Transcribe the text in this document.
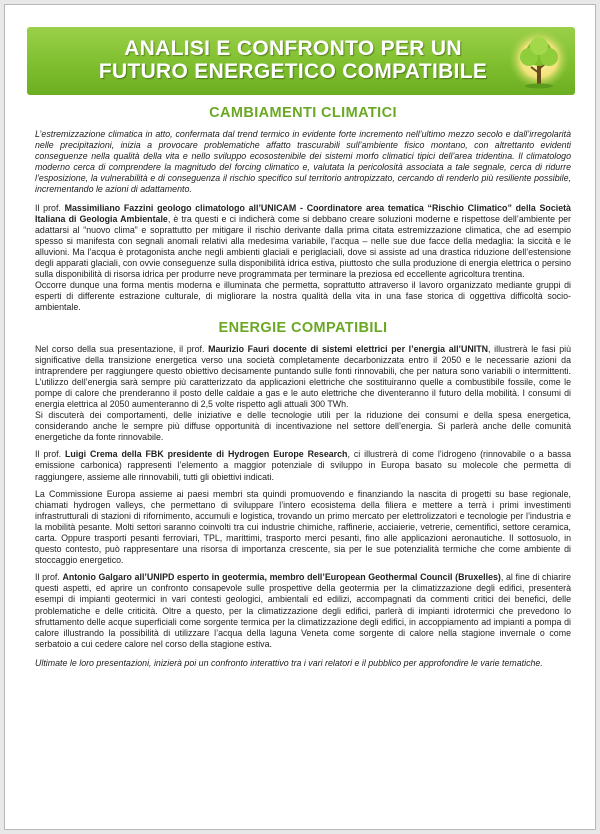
ANALISI E CONFRONTO PER UN
FUTURO ENERGETICO COMPATIBILE
CAMBIAMENTI CLIMATICI

L’estremizzazione climatica in atto, confermata dal trend termico in evidente forte incremento nell’ultimo mezzo secolo e dall’irregolarità nelle precipitazioni, inizia a provocare problematiche affatto trascurabili sull’ambiente fisico montano, con altrettanto evidenti conseguenze nella qualità della vita e nello sviluppo ecosostenibile dei sistemi morfo climatici tipici dell’area tridentina. Il climatologo moderno cerca di comprendere la magnitudo del forcing climatico e, valutata la pericolosità associata a tale segnale, cerca di ridurre l’esposizione, la vulnerabilità e di conseguenza il rischio specifico sul territorio antropizzato, cercando di renderlo più resiliente possibile, incrementando le azioni di adattamento.

Il prof. Massimiliano Fazzini geologo climatologo all’UNICAM - Coordinatore area tematica “Rischio Climatico” della Società Italiana di Geologia Ambientale, è tra questi e ci indicherà come si debbano creare soluzioni moderne e rispettose dell’ambiente per adattarsi al “nuovo clima” e soprattutto per mitigare il rischio derivante dalla prima citata estremizzazione climatica, che ad esempio spesso si manifesta con segnali anomali relativi alla medesima variabile, l’acqua – nelle sue due facce della medaglia: la siccità e le alluvioni. Ma l’acqua è protagonista anche negli ambienti glaciali e periglaciali, dove si assiste ad una drastica riduzione dell’estensione degli apparati glaciali, con ovvie conseguenze sulla disponibilità idrica estiva, piuttosto che sulla produzione di energia elettrica o persino sulla disponibilità di risorsa idrica per produrre neve programmata per terminare la preziosa ed eccellente agricoltura trentina.

Occorre dunque una forma mentis moderna e illuminata che permetta, soprattutto attraverso il lavoro organizzato mediante gruppi di esperti di differente estrazione culturale, di migliorare la nostra qualità della vita in una fase storica di oggettiva difficoltà socio-ambientale.

ENERGIE COMPATIBILI

Nel corso della sua presentazione, il prof. Maurizio Fauri docente di sistemi elettrici per l’energia all’UNITN, illustrerà le fasi più significative della transizione energetica verso una società completamente decarbonizzata entro il 2050 e le necessarie azioni da intraprendere per raggiungere questo obiettivo decisamente puntando sulle fonti rinnovabili, che per natura sono variabili o intermittenti. L’utilizzo dell’energia sarà sempre più caratterizzato da applicazioni elettriche che sostituiranno quelle a combustibile fossile, come le pompe di calore che prenderanno il posto delle caldaie a gas e le auto elettriche che diventeranno il futuro della mobilità. I consumi di energia elettrica al 2050 aumenteranno di 2,5 volte rispetto agli attuali 300 TWh.

Si discuterà dei comportamenti, delle iniziative e delle tecnologie utili per la riduzione dei consumi e della spesa energetica, considerando anche le sempre più diffuse opportunità di incentivazione nel settore dell’energia. Si parlerà anche delle comunità energetiche da fonte rinnovabile.

Il prof. Luigi Crema della FBK presidente di Hydrogen Europe Research, ci illustrerà di come l’idrogeno (rinnovabile o a bassa emissione carbonica) rappresenti l’elemento a maggior potenziale di sviluppo in Europa basato su molecole che permetta di raggiungere, assieme alle rinnovabili, tutti gli obiettivi indicati.

La Commissione Europa assieme ai paesi membri sta quindi promuovendo e finanziando la nascita di progetti su base regionale, chiamati hydrogen valleys, che permettano di sviluppare l’intero ecosistema della filiera e mettere a terrà i primi investimenti infrastrutturali di stazioni di rifornimento, accumuli e logistica, trovando un primo mercato per elettrolizzatori e tecnologie per l’industria e la mobilità pesante. Molti settori saranno coinvolti tra cui industrie chimiche, raffinerie, acciaierie, vetrerie, cementifici, settore ceramica, carta. Oppure trasporti pesanti ferroviari, TPL, marittimi, trasporto merci pesanti, fino alle applicazioni aeronautiche. Il sottosuolo, in questo contesto, può rappresentare una risorsa di importanza crescente, sia per le sue potenzialità termiche che come ambiente di stoccaggio energetico.

Il prof. Antonio Galgaro all’UNIPD esperto in geotermia, membro dell’European Geothermal Council (Bruxelles), al fine di chiarire questi aspetti, ed aprire un confronto consapevole sulle prospettive della geotermia per la climatizzazione degli edifici, presenterà esempi di impianti geotermici in vari contesti geologici, ambientali ed edilizi, accompagnati da commenti critici dei benefici, delle problematiche e delle criticità. Oltre a questo, per la climatizzazione degli edifici, parlerà di impianti idrotermici che prevedono lo sfruttamento delle acque superficiali come sorgente termica per la climatizzazione degli edifici, in accoppiamento ad impianti a pompa di calore illustrando la possibilità di utilizzare l’acqua della laguna Veneta come sorgente di calore nella stagione invernale o come serbatoio a cui cedere calore nel corso della stagione estiva.

Ultimate le loro presentazioni, inizierà poi un confronto interattivo tra i vari relatori e il pubblico per approfondire le varie tematiche.
